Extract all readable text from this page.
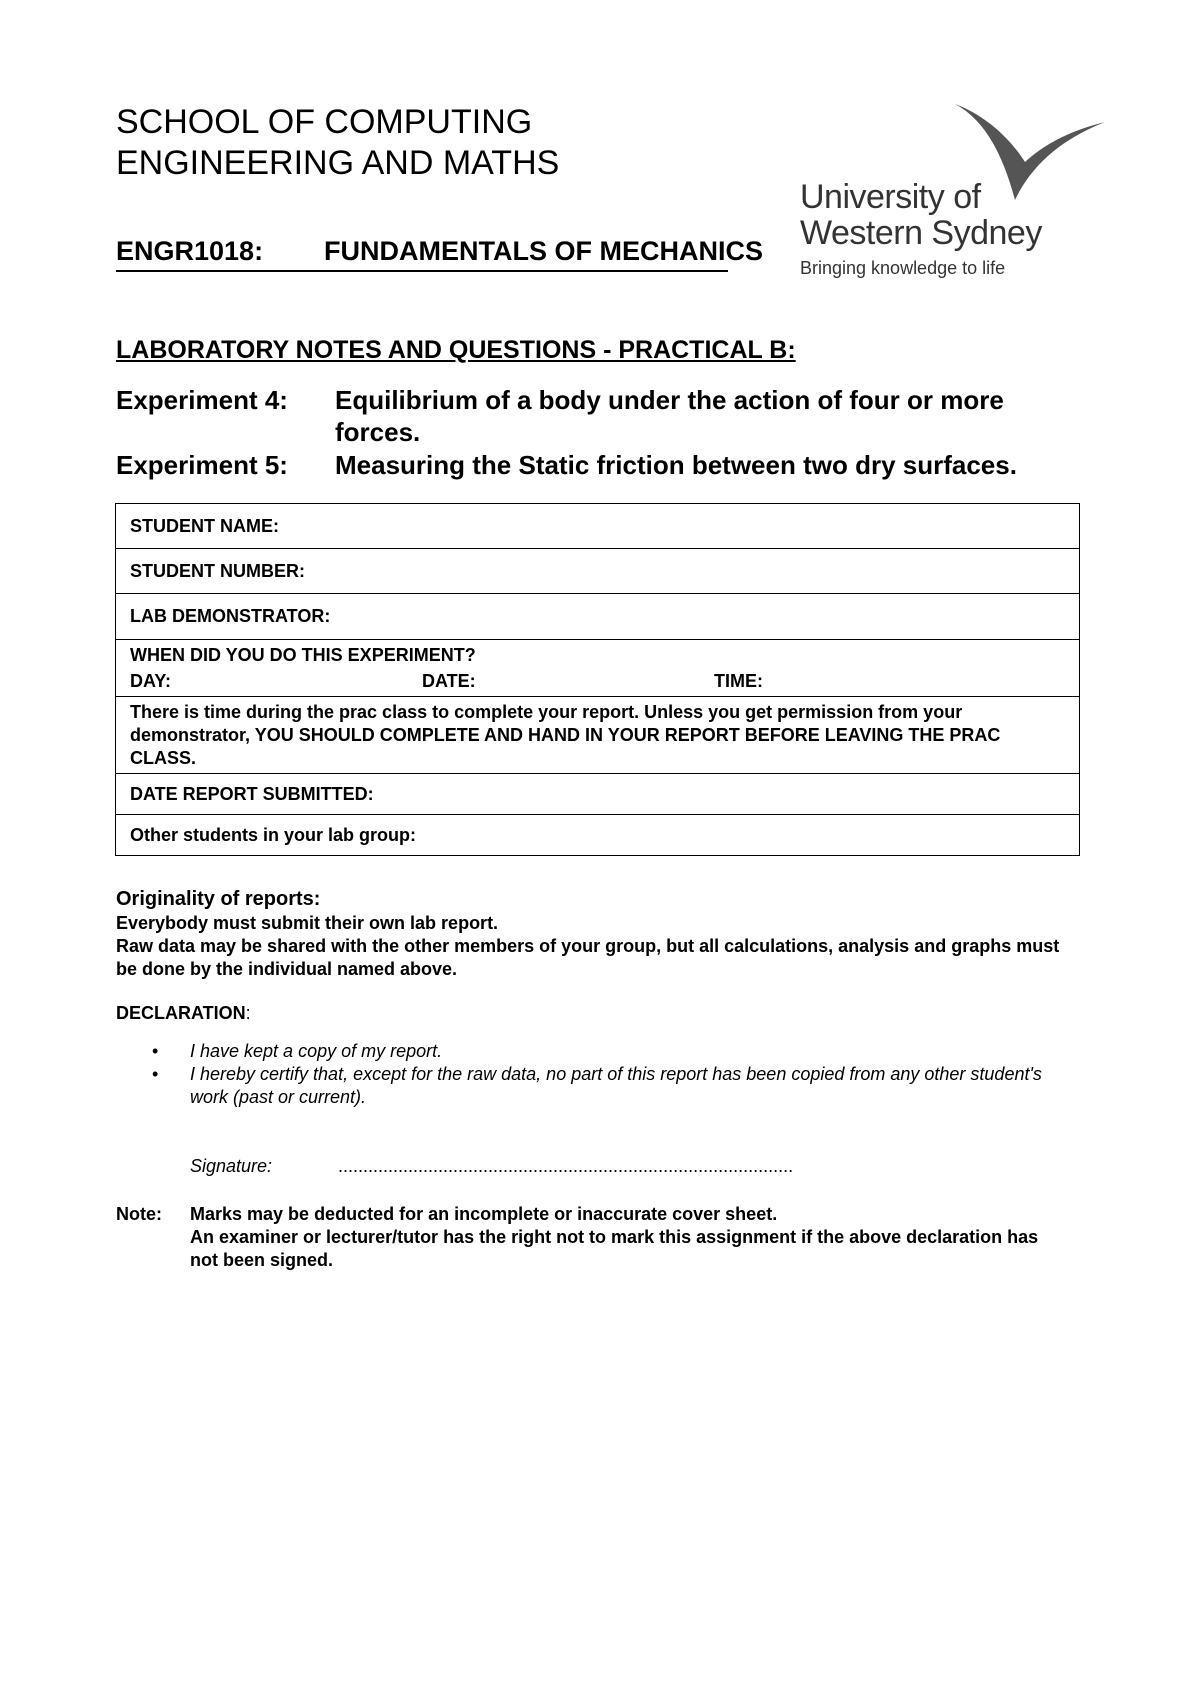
SCHOOL OF COMPUTING
ENGINEERING AND MATHS
University of
Western Sydney
Bringing knowledge to life
ENGR1018: FUNDAMENTALS OF MECHANICS
LABORATORY NOTES AND QUESTIONS - PRACTICAL B:
Experiment 4: Equilibrium of a body under the action of four or more forces.
Experiment 5: Measuring the Static friction between two dry surfaces.
STUDENT NAME:
STUDENT NUMBER:
LAB DEMONSTRATOR:

WHEN DID YOU DO THIS EXPERIMENT?
DAY:	DATE:	TIME:

There is time during the prac class to complete your report. Unless you get permission from your demonstrator, YOU SHOULD COMPLETE AND HAND IN YOUR REPORT BEFORE LEAVING THE PRAC CLASS.
DATE REPORT SUBMITTED:
Other students in your lab group:
Originality of reports:
Everybody must submit their own lab report.
Raw data may be shared with the other members of your group, but all calculations, analysis and graphs must be done by the individual named above.
DECLARATION:
• I have kept a copy of my report.
• I hereby certify that, except for the raw data, no part of this report has been copied from any other student's work (past or current).
Signature:	...........................................................................................
Note: Marks may be deducted for an incomplete or inaccurate cover sheet.
An examiner or lecturer/tutor has the right not to mark this assignment if the above declaration has not been signed.
